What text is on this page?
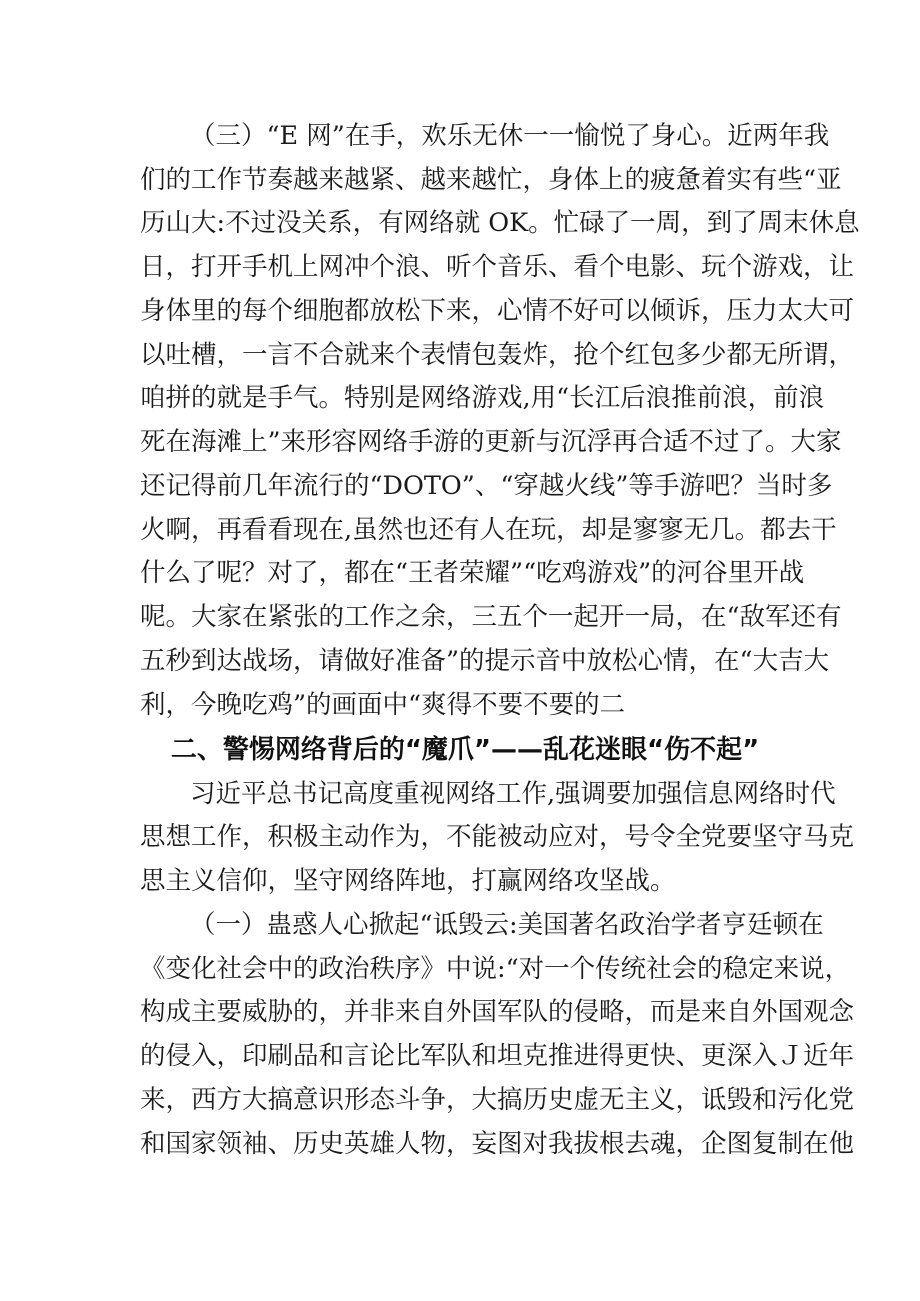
（三）“E 网”在手，欢乐无休一一愉悦了身心。近两年我
们的工作节奏越来越紧、越来越忙，身体上的疲惫着实有些“亚
历山大:不过没关系，有网络就 OK。忙碌了一周，到了周末休息
日，打开手机上网冲个浪、听个音乐、看个电影、玩个游戏，让
身体里的每个细胞都放松下来，心情不好可以倾诉，压力太大可
以吐槽，一言不合就来个表情包轰炸，抢个红包多少都无所谓，
咱拼的就是手气。特别是网络游戏,用“长江后浪推前浪，前浪
死在海滩上”来形容网络手游的更新与沉浮再合适不过了。大家
还记得前几年流行的“DOTO”、“穿越火线”等手游吧？当时多
火啊，再看看现在,虽然也还有人在玩，却是寥寥无几。都去干
什么了呢？对了，都在“王者荣耀”“吃鸡游戏”的河谷里开战
呢。大家在紧张的工作之余，三五个一起开一局，在“敌军还有
五秒到达战场，请做好准备”的提示音中放松心情，在“大吉大
利，今晚吃鸡”的画面中“爽得不要不要的二
二、警惕网络背后的“魔爪”——乱花迷眼“伤不起”
习近平总书记高度重视网络工作,强调要加强信息网络时代
思想工作，积极主动作为，不能被动应对，号令全党要坚守马克
思主义信仰，坚守网络阵地，打赢网络攻坚战。
（一）蛊惑人心掀起“诋毁云:美国著名政治学者亨廷顿在
《变化社会中的政治秩序》中说:“对一个传统社会的稳定来说，
构成主要威胁的，并非来自外国军队的侵略，而是来自外国观念
的侵入，印刷品和言论比军队和坦克推进得更快、更深入Ｊ近年
来，西方大搞意识形态斗争，大搞历史虚无主义，诋毁和污化党
和国家领袖、历史英雄人物，妄图对我拔根去魂，企图复制在他
